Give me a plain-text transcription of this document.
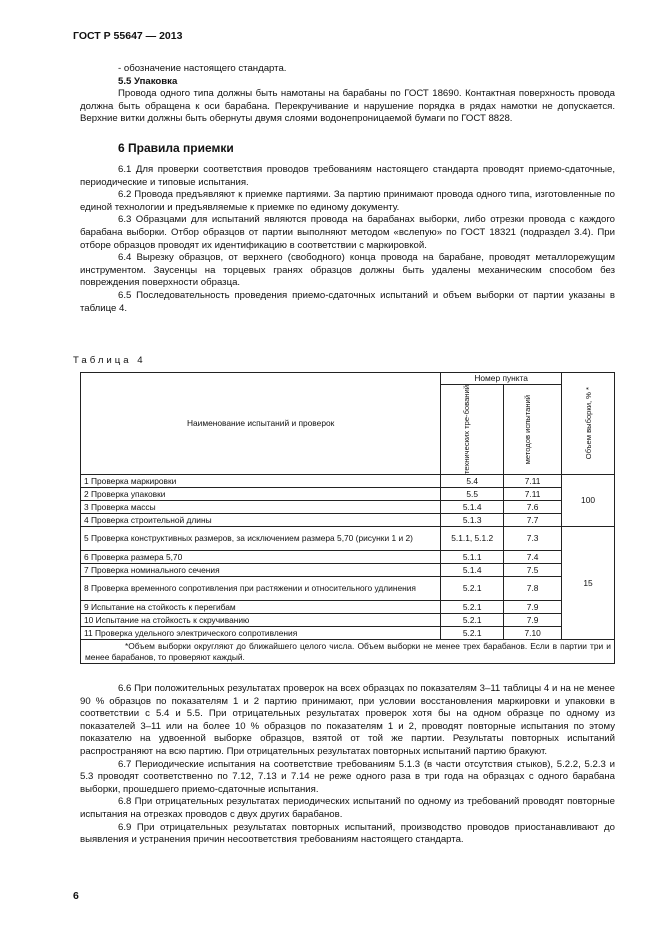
ГОСТ Р 55647 — 2013

- обозначение настоящего стандарта.

5.5 Упаковка

Провода одного типа должны быть намотаны на барабаны по ГОСТ 18690. Контактная поверхность провода должна быть обращена к оси барабана. Перекручивание и нарушение порядка в рядах намотки не допускается. Верхние витки должны быть обернуты двумя слоями водонепроницаемой бумаги по ГОСТ 8828.

6 Правила приемки

6.1 Для проверки соответствия проводов требованиям настоящего стандарта проводят приемо-сдаточные, периодические и типовые испытания.

6.2 Провода предъявляют к приемке партиями. За партию принимают провода одного типа, изготовленные по единой технологии и предъявляемые к приемке по единому документу.

6.3 Образцами для испытаний являются провода на барабанах выборки, либо отрезки провода с каждого барабана выборки. Отбор образцов от партии выполняют методом «вслепую» по ГОСТ 18321 (подраздел 3.4). При отборе образцов проводят их идентификацию в соответствии с маркировкой.

6.4 Вырезку образцов, от верхнего (свободного) конца провода на барабане, проводят металлорежущим инструментом. Заусенцы на торцевых гранях образцов должны быть удалены механическим способом без повреждения поверхности образца.

6.5 Последовательность проведения приемо-сдаточных испытаний и объем выборки от партии указаны в таблице 4.

Таблица 4
Наименование испытаний и проверок	Номер пункта		Объем выборки, % *

	технических тре-бований	методов испытаний	

1 Проверка маркировки	5.4	7.11	100
2 Проверка упаковки	5.5	7.11	
3 Проверка массы	5.1.4	7.6	
4 Проверка строительной длины	5.1.3	7.7	
5 Проверка конструктивных размеров, за исключением размера 5,70 (рисунки 1 и 2)	5.1.1, 5.1.2	7.3	15
6 Проверка размера 5,70	5.1.1	7.4	
7 Проверка номинального сечения	5.1.4	7.5	
8 Проверка временного сопротивления при растяжении и относительного удлинения	5.2.1	7.8	
9 Испытание на стойкость к перегибам	5.2.1	7.9	
10 Испытание на стойкость к скручиванию	5.2.1	7.9	
11 Проверка удельного электрического сопротивления	5.2.1	7.10	
*Объем выборки округляют до ближайшего целого числа. Объем выборки не менее трех барабанов. Если в партии три и менее барабанов, то проверяют каждый.			

6.6 При положительных результатах проверок на всех образцах по показателям 3–11 таблицы 4 и на не менее 90 % образцов по показателям 1 и 2 партию принимают, при условии восстановления маркировки и упаковки в соответствии с 5.4 и 5.5. При отрицательных результатах проверок хотя бы на одном образце по одному из показателей 3–11 или на более 10 % образцов по показателям 1 и 2, проводят повторные испытания по этому показателю на удвоенной выборке образцов, взятой от той же партии. Результаты повторных испытаний распространяют на всю партию. При отрицательных результатах повторных испытаний партию бракуют.

6.7 Периодические испытания на соответствие требованиям 5.1.3 (в части отсутствия стыков), 5.2.2, 5.2.3 и 5.3 проводят соответственно по 7.12, 7.13 и 7.14 не реже одного раза в три года на образцах с одного барабана выборки, прошедшего приемо-сдаточные испытания.

6.8 При отрицательных результатах периодических испытаний по одному из требований проводят повторные испытания на отрезках проводов с двух других барабанов.

6.9 При отрицательных результатах повторных испытаний, производство проводов приостанавливают до выявления и устранения причин несоответствия требованиям настоящего стандарта.

6
